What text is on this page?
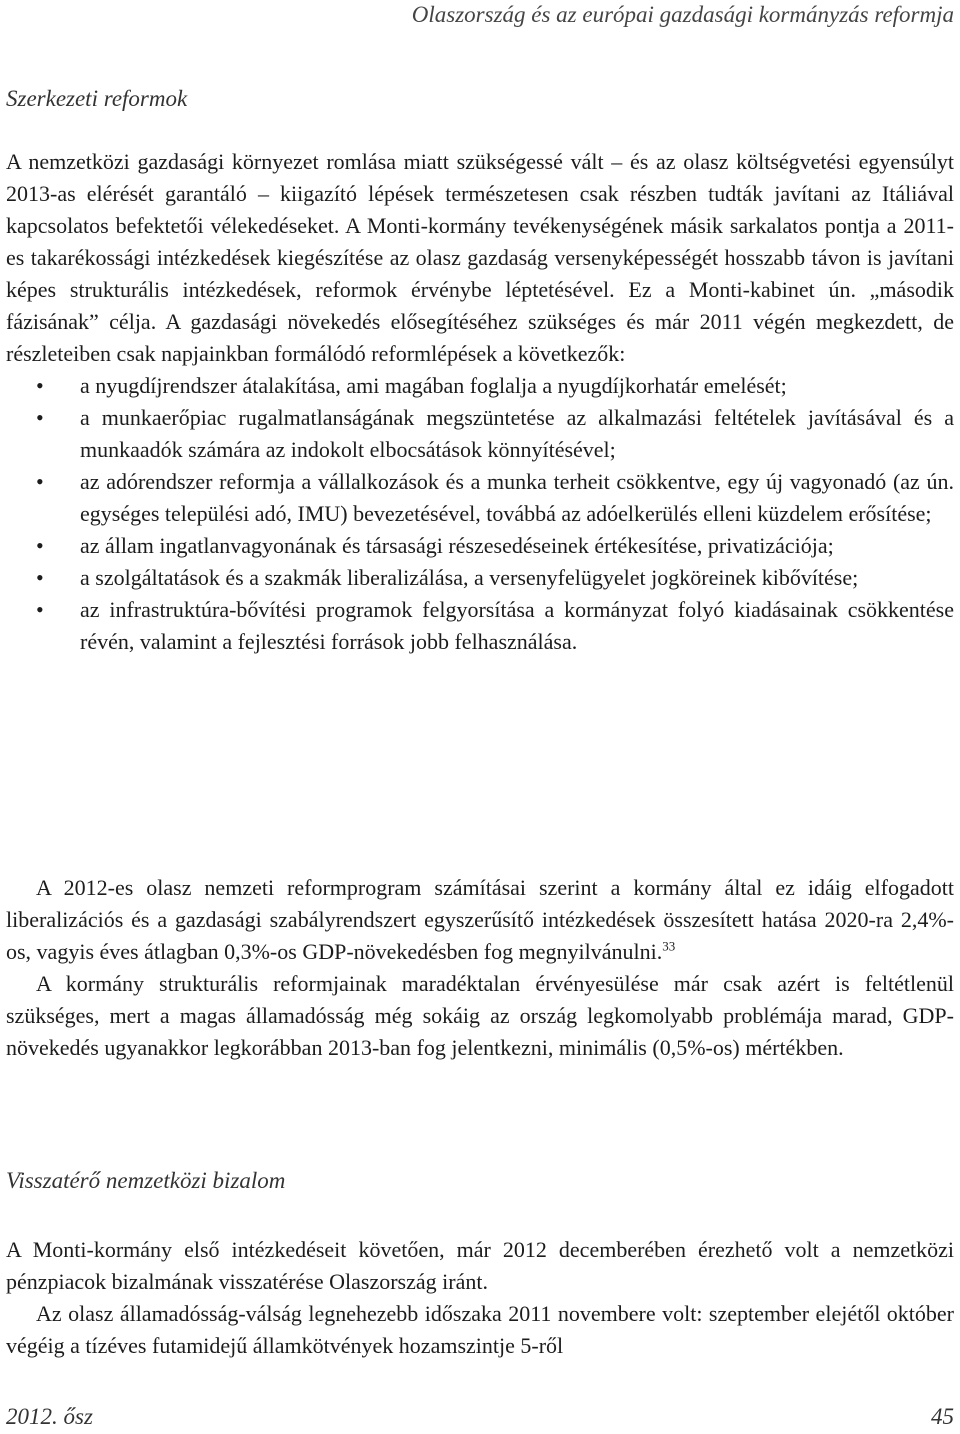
Olaszország és az európai gazdasági kormányzás reformja
Szerkezeti reformok

A nemzetközi gazdasági környezet romlása miatt szükségessé vált – és az olasz költségvetési egyensúlyt 2013-as elérését garantáló – kiigazító lépések természetesen csak részben tudták javítani az Itáliával kapcsolatos befektetői vélekedéseket. A Monti-kormány tevékenységének másik sarkalatos pontja a 2011-es takarékossági intézkedések kiegészítése az olasz gazdaság versenyképességét hosszabb távon is javítani képes strukturális intézkedések, reformok érvénybe léptetésével. Ez a Monti-kabinet ún. „második fázisának” célja. A gazdasági növekedés elősegítéséhez szükséges és már 2011 végén megkezdett, de részleteiben csak napjainkban formálódó reformlépések a következők:

• a nyugdíjrendszer átalakítása, ami magában foglalja a nyugdíjkorhatár emelését;
• a munkaerőpiac rugalmatlanságának megszüntetése az alkalmazási feltételek javításával és a munkaadók számára az indokolt elbocsátások könnyítésével;
• az adórendszer reformja a vállalkozások és a munka terheit csökkentve, egy új vagyonadó (az ún. egységes települési adó, IMU) bevezetésével, továbbá az adóelkerülés elleni küzdelem erősítése;
• az állam ingatlanvagyonának és társasági részesedéseinek értékesítése, privatizációja;
• a szolgáltatások és a szakmák liberalizálása, a versenyfelügyelet jogköreinek kibővítése;
• az infrastruktúra-bővítési programok felgyorsítása a kormányzat folyó kiadásainak csökkentése révén, valamint a fejlesztési források jobb felhasználása.

A 2012-es olasz nemzeti reformprogram számításai szerint a kormány által ez idáig elfogadott liberalizációs és a gazdasági szabályrendszert egyszerűsítő intézkedések összesített hatása 2020-ra 2,4%-os, vagyis éves átlagban 0,3%-os GDP-növekedésben fog megnyilvánulni.$^{33}$

A kormány strukturális reformjainak maradéktalan érvényesülése már csak azért is feltétlenül szükséges, mert a magas államadósság még sokáig az ország legkomolyabb problémája marad, GDP-növekedés ugyanakkor legkorábban 2013-ban fog jelentkezni, minimális (0,5%-os) mértékben.

Visszatérő nemzetközi bizalom

A Monti-kormány első intézkedéseit követően, már 2012 decemberében érezhető volt a nemzetközi pénzpiacok bizalmának visszatérése Olaszország iránt.

Az olasz államadósság-válság legnehezebb időszaka 2011 novembere volt: szeptember elejétől október végéig a tízéves futamidejű államkötvények hozamszintje 5-ről

2012. ősz	45
